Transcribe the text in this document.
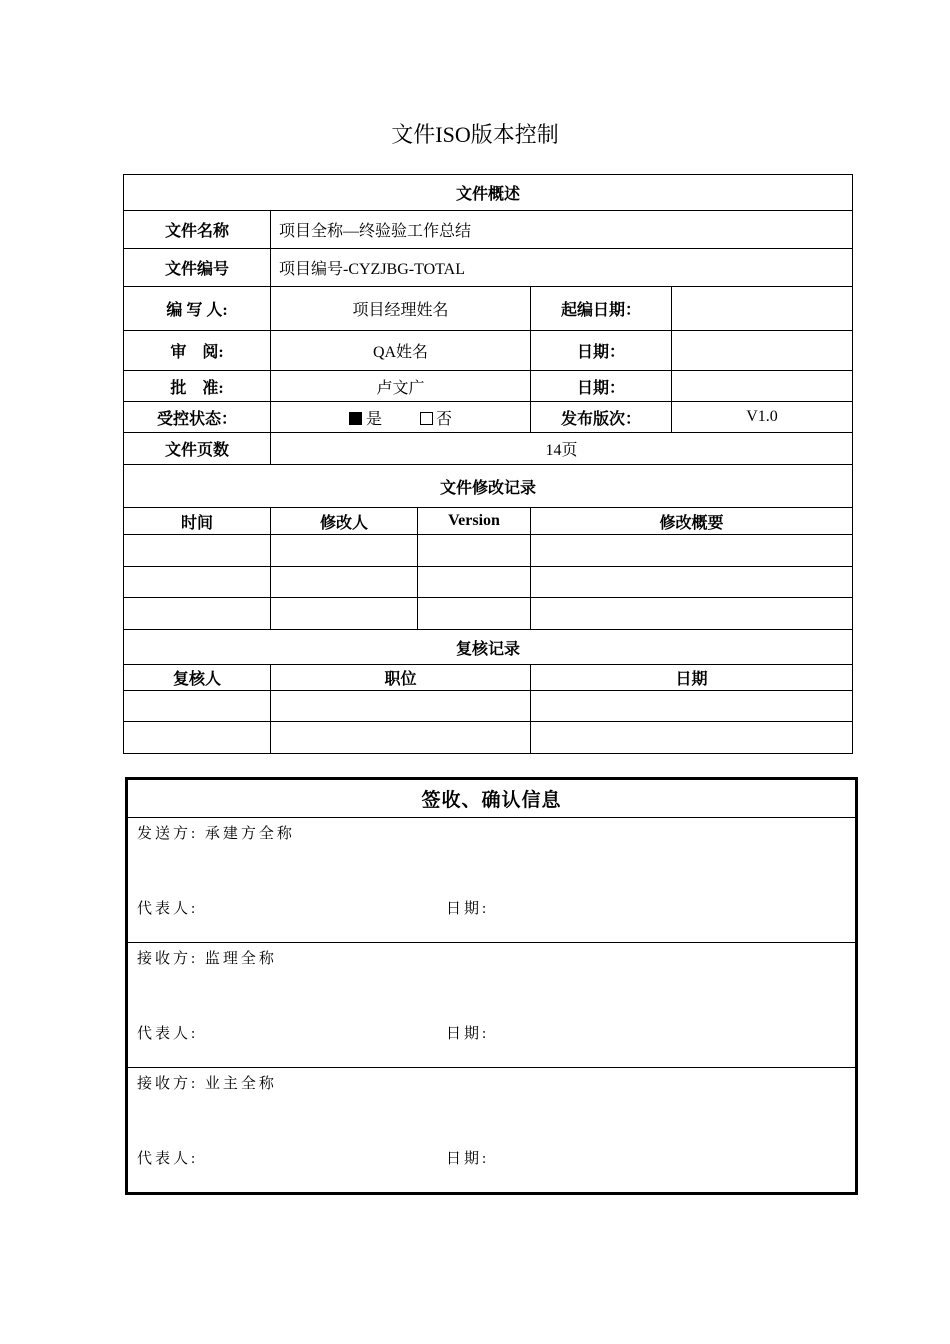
文件ISO版本控制
文件概述				
文件名称	项目全称—终验验工作总结			
文件编号	项目编号-CYZJBG-TOTAL			
编 写 人:	项目经理姓名		起编日期：	
审　阅:	QA姓名		日期：	
批　准:	卢文广		日期：	
受控状态：	是 否		发布版次：	V1.0
文件页数	14页			
文件修改记录				
时间	修改人	Version	修改概要	

复核记录				
复核人	职位		日期	

签收、确认信息

发送方: 承建方全称
代表人:	日期:

接收方: 监理全称
代表人:	日期:

接收方: 业主全称
代表人:	日期:
